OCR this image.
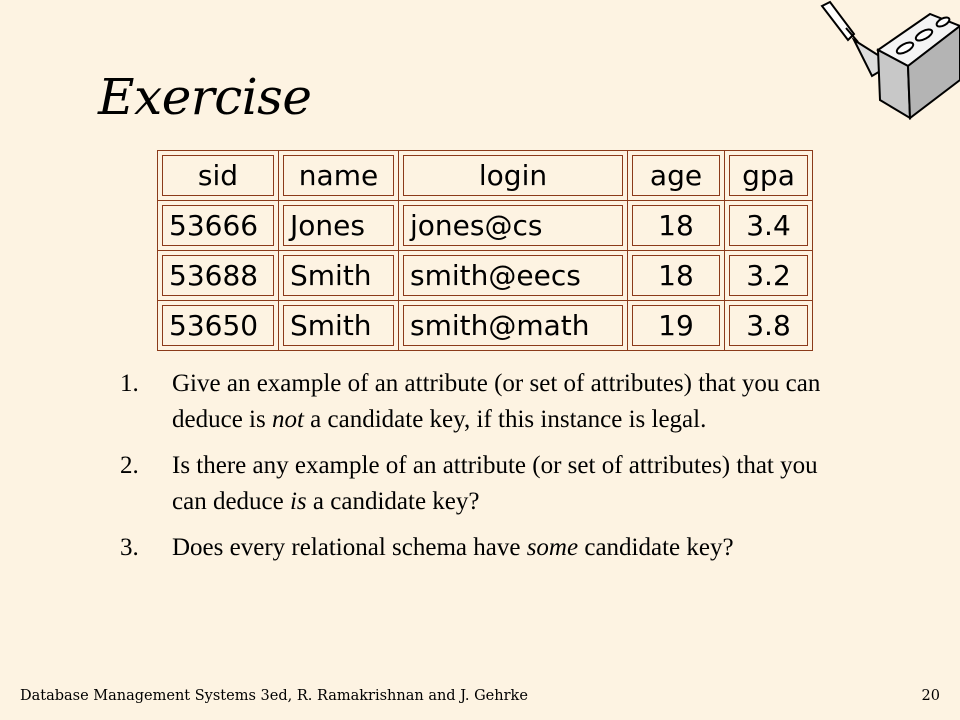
Exercise
sid	name	login	age	gpa

53666	Jones	jones@cs	18	3.4

53688	Smith	smith@eecs	18	3.2

53650	Smith	smith@math	19	3.8
1.	Give an example of an attribute (or set of attributes) that you can deduce is not a candidate key, if this instance is legal.
2.	Is there any example of an attribute (or set of attributes) that you can deduce is a candidate key?
3.	Does every relational schema have some candidate key?
Database Management Systems 3ed, R. Ramakrishnan and J. Gehrke	20
